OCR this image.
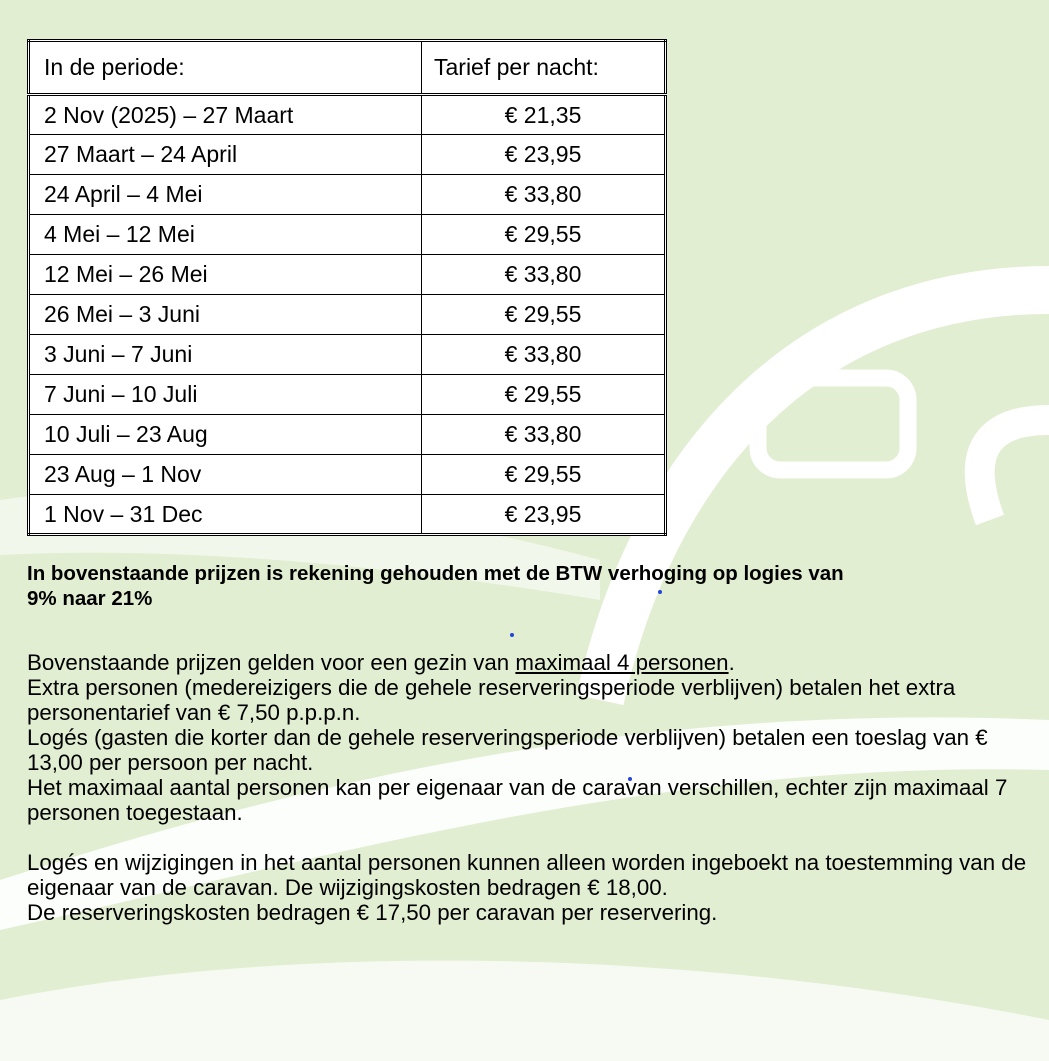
In de periode:	Tarief per nacht:
2 Nov (2025) – 27 Maart	€ 21,35
27 Maart – 24 April	€ 23,95
24 April – 4 Mei	€ 33,80
4 Mei – 12 Mei	€ 29,55
12 Mei – 26 Mei	€ 33,80
26 Mei – 3 Juni	€ 29,55
3 Juni – 7 Juni	€ 33,80
7 Juni – 10 Juli	€ 29,55
10 Juli – 23 Aug	€ 33,80
23 Aug – 1 Nov	€ 29,55
1 Nov – 31 Dec	€ 23,95

In bovenstaande prijzen is rekening gehouden met de BTW verhoging op logies van
9% naar 21%

Bovenstaande prijzen gelden voor een gezin van maximaal 4 personen.

Extra personen (medereizigers die de gehele reserveringsperiode verblijven) betalen het extra personentarief van € 7,50 p.p.p.n.

Logés (gasten die korter dan de gehele reserveringsperiode verblijven) betalen een toeslag van € 13,00 per persoon per nacht.

Het maximaal aantal personen kan per eigenaar van de caravan verschillen, echter zijn maximaal 7 personen toegestaan.

Logés en wijzigingen in het aantal personen kunnen alleen worden ingeboekt na toestemming van de eigenaar van de caravan. De wijzigingskosten bedragen € 18,00.

De reserveringskosten bedragen € 17,50 per caravan per reservering.
